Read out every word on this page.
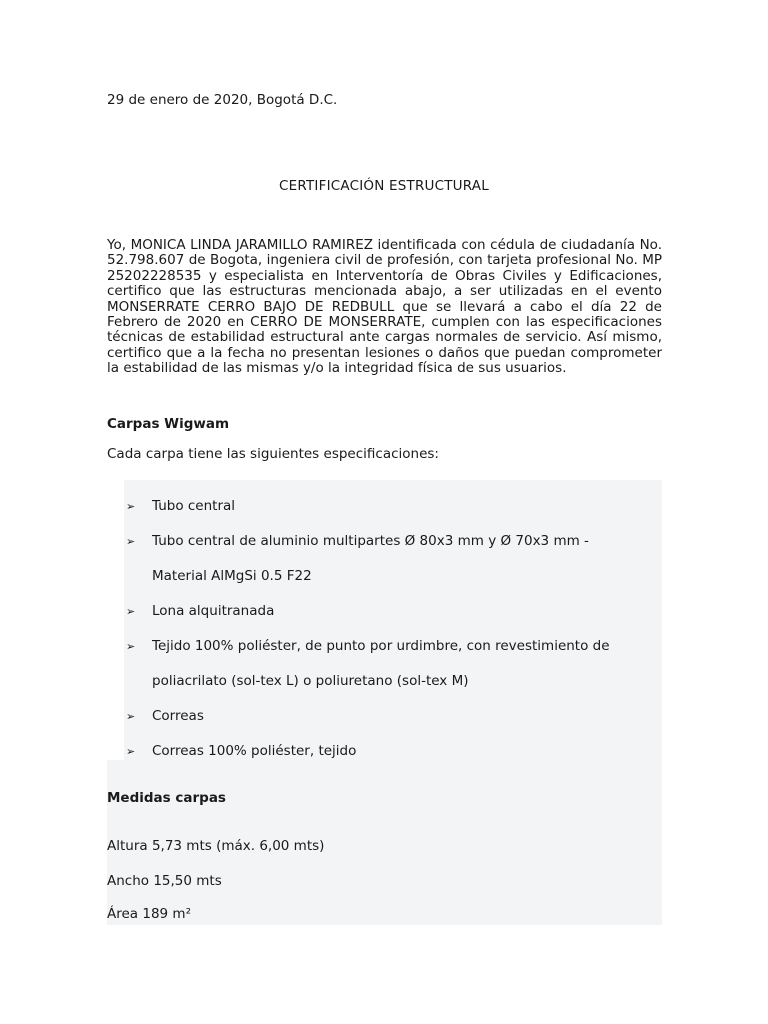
29 de enero de 2020, Bogotá D.C.
CERTIFICACIÓN ESTRUCTURAL
Yo, MONICA LINDA JARAMILLO RAMIREZ identificada con cédula de ciudadanía No. 52.798.607 de Bogota, ingeniera civil de profesión, con tarjeta profesional No. MP 25202228535 y especialista en Interventoría de Obras Civiles y Edificaciones, certifico que las estructuras mencionada abajo, a ser utilizadas en el evento MONSERRATE CERRO BAJO DE REDBULL que se llevará a cabo el día 22 de Febrero de 2020 en CERRO DE MONSERRATE, cumplen con las especificaciones técnicas de estabilidad estructural ante cargas normales de servicio. Así mismo, certifico que a la fecha no presentan lesiones o daños que puedan comprometer la estabilidad de las mismas y/o la integridad física de sus usuarios.
Carpas Wigwam
Cada carpa tiene las siguientes especificaciones:
➢ Tubo central
➢ Tubo central de aluminio multipartes Ø 80x3 mm y Ø 70x3 mm -
Material AlMgSi 0.5 F22
➢ Lona alquitranada
➢ Tejido 100% poliéster, de punto por urdimbre, con revestimiento de
poliacrilato (sol-tex L) o poliuretano (sol-tex M)
➢ Correas
➢ Correas 100% poliéster, tejido
Medidas carpas
Altura 5,73 mts (máx. 6,00 mts)
Ancho 15,50 mts
Área 189 m²
